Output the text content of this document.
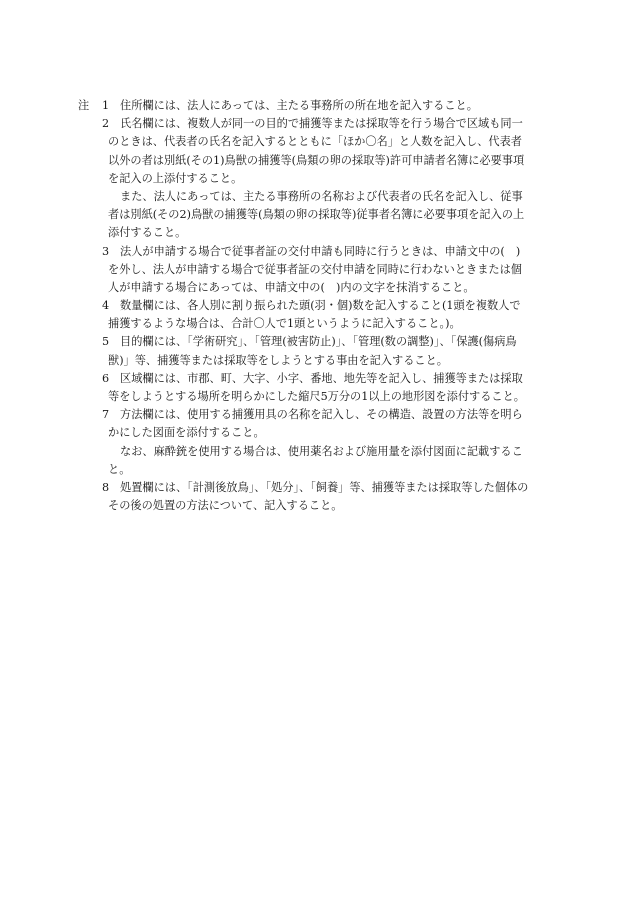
注 1 住所欄には、法人にあっては、主たる事務所の所在地を記入すること。
2 氏名欄には、複数人が同一の目的で捕獲等または採取等を行う場合で区域も同一
のときは、代表者の氏名を記入するとともに「ほか〇名」と人数を記入し、代表者
以外の者は別紙(その1)鳥獣の捕獲等(鳥類の卵の採取等)許可申請者名簿に必要事項
を記入の上添付すること。
また、法人にあっては、主たる事務所の名称および代表者の氏名を記入し、従事
者は別紙(その2)鳥獣の捕獲等(鳥類の卵の採取等)従事者名簿に必要事項を記入の上
添付すること。
3 法人が申請する場合で従事者証の交付申請も同時に行うときは、申請文中の(　)
を外し、法人が申請する場合で従事者証の交付申請を同時に行わないときまたは個
人が申請する場合にあっては、申請文中の(　)内の文字を抹消すること。
4 数量欄には、各人別に割り振られた頭(羽・個)数を記入すること(1頭を複数人で
捕獲するような場合は、合計〇人で1頭というように記入すること。)。
5 目的欄には、「学術研究」、「管理(被害防止)」、「管理(数の調整)」、「保護(傷病鳥
獣)」等、捕獲等または採取等をしようとする事由を記入すること。
6 区域欄には、市郡、町、大字、小字、番地、地先等を記入し、捕獲等または採取
等をしようとする場所を明らかにした縮尺5万分の1以上の地形図を添付すること。
7 方法欄には、使用する捕獲用具の名称を記入し、その構造、設置の方法等を明ら
かにした図面を添付すること。
なお、麻酔銃を使用する場合は、使用薬名および施用量を添付図面に記載するこ
と。
8 処置欄には、「計測後放鳥」、「処分」、「飼養」等、捕獲等または採取等した個体の
その後の処置の方法について、記入すること。
